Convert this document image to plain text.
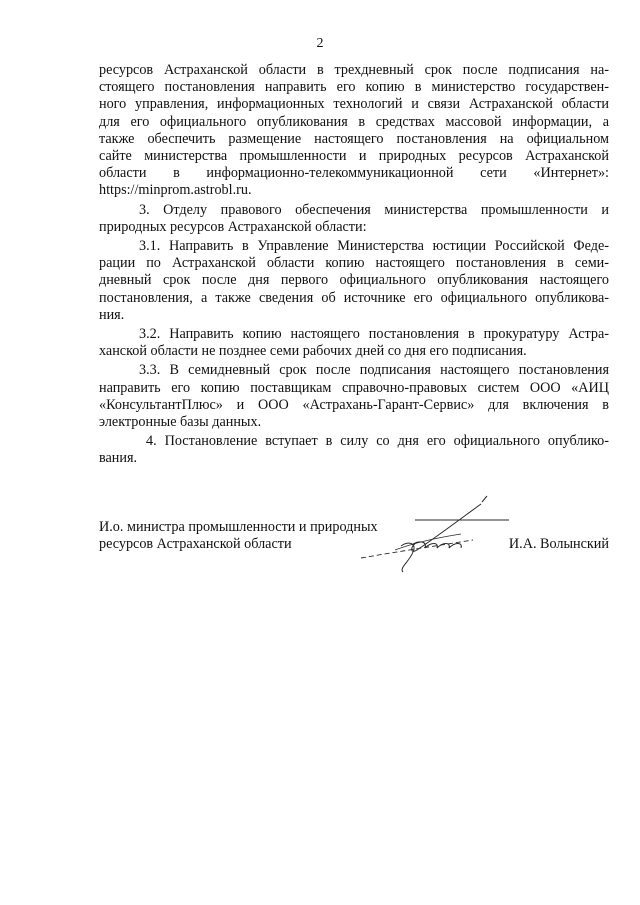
2

ресурсов Астраханской области в трехдневный срок после подписания на-
стоящего постановления направить его копию в министерство государствен-
ного управления, информационных технологий и связи Астраханской области
для его официального опубликования в средствах массовой информации, а
также обеспечить размещение настоящего постановления на официальном
сайте министерства промышленности и природных ресурсов Астраханской
области в информационно-телекоммуникационной сети «Интернет»:
https://minprom.astrobl.ru.

3. Отделу правового обеспечения министерства промышленности и
природных ресурсов Астраханской области:

3.1. Направить в Управление Министерства юстиции Российской Феде-
рации по Астраханской области копию настоящего постановления в семи-
дневный срок после дня первого официального опубликования настоящего
постановления, а также сведения об источнике его официального опубликова-
ния.

3.2. Направить копию настоящего постановления в прокуратуру Астра-
ханской области не позднее семи рабочих дней со дня его подписания.

3.3. В семидневный срок после подписания настоящего постановления
направить его копию поставщикам справочно-правовых систем ООО «АИЦ
«КонсультантПлюс» и ООО «Астрахань-Гарант-Сервис» для включения в
электронные базы данных.

4. Постановление вступает в силу со дня его официального опублико-
вания.

И.о. министра промышленности и природных
ресурсов Астраханской области	И.А. Волынский
